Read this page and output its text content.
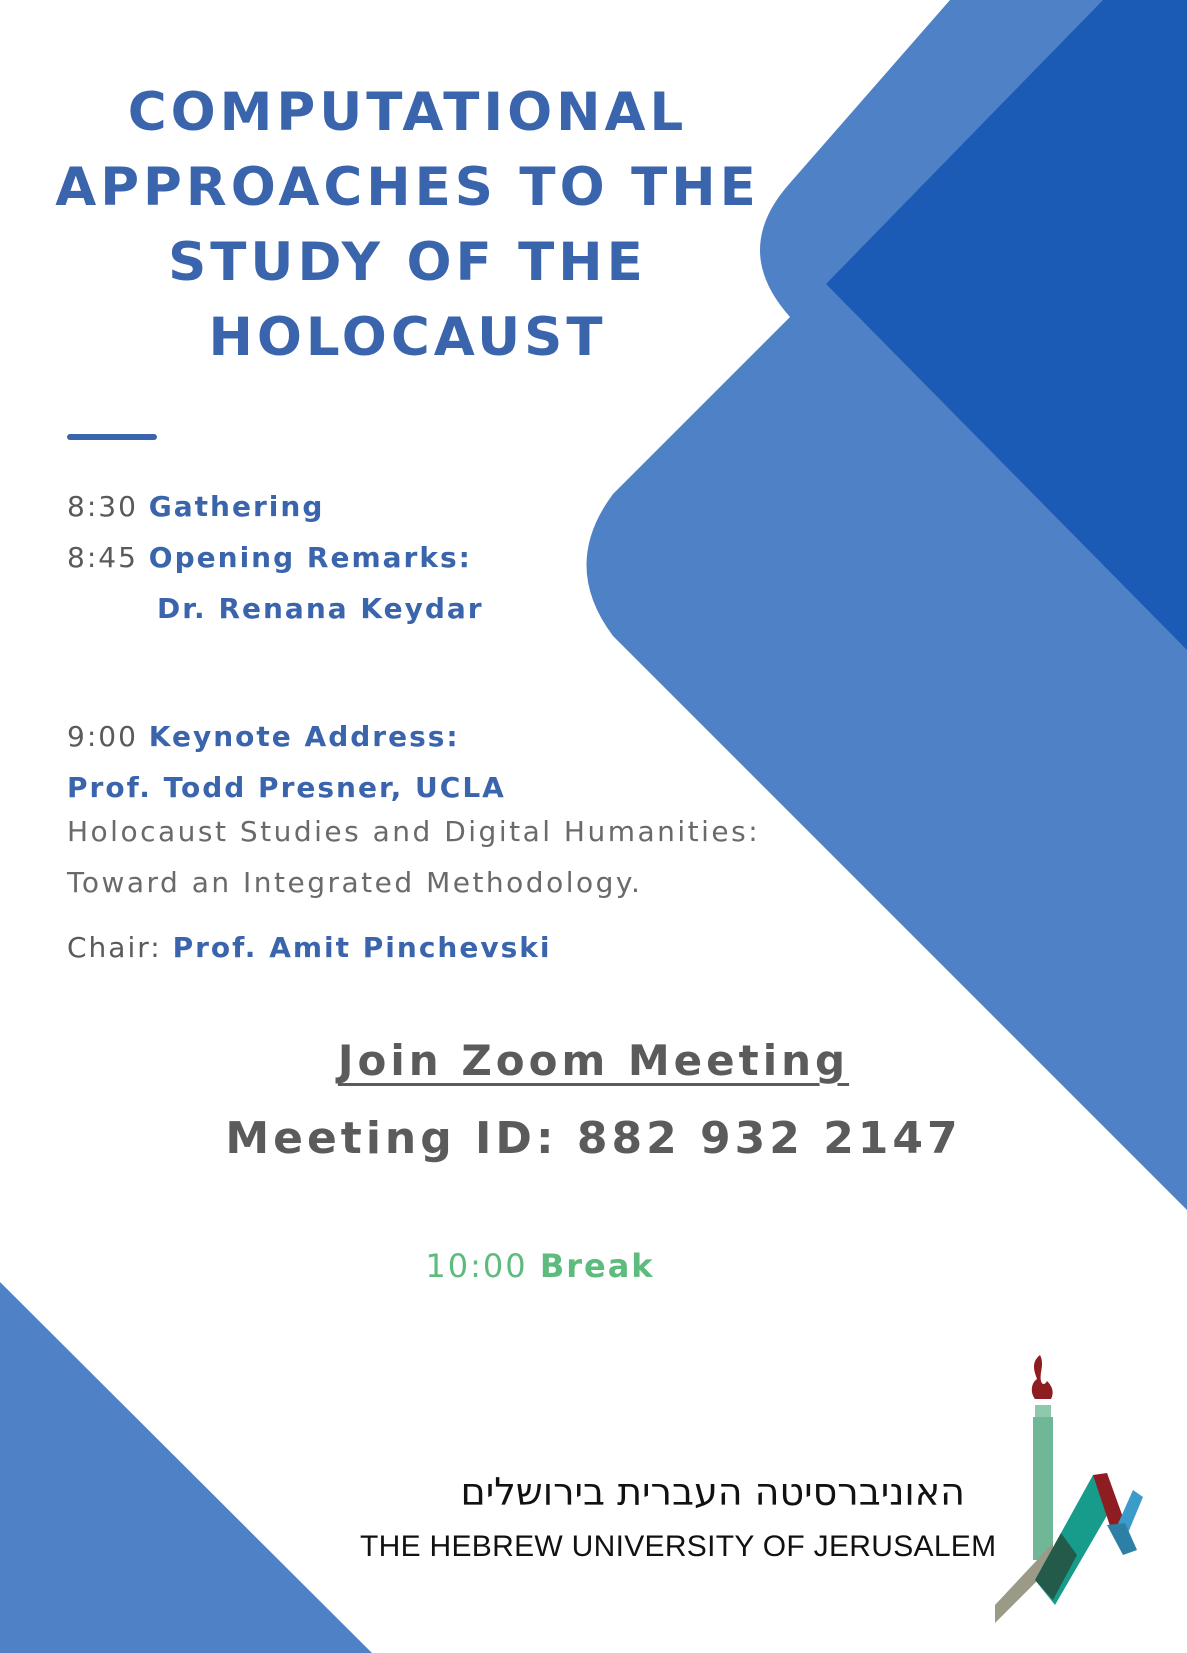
COMPUTATIONAL
APPROACHES TO THE
STUDY OF THE
HOLOCAUST
8:30 Gathering
8:45 Opening Remarks:
Dr. Renana Keydar
9:00 Keynote Address:
Prof. Todd Presner, UCLA
Holocaust Studies and Digital Humanities:
Toward an Integrated Methodology.
Chair: Prof. Amit Pinchevski
Join Zoom Meeting
Meeting ID: 882 932 2147
10:00 Break
האוניברסיטה העברית בירושלים
THE HEBREW UNIVERSITY OF JERUSALEM
